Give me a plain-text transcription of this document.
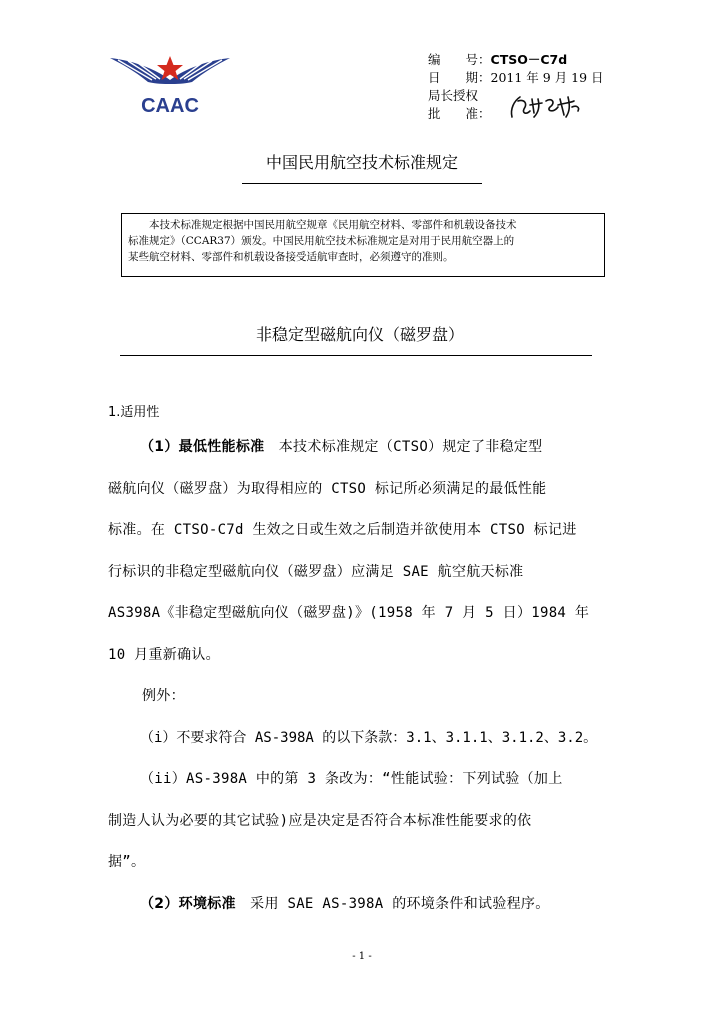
CAAC
编　　号：CTSO－C7d
日　　期：2011 年 9 月 19 日
局长授权
批　　准：
中国民用航空技术标准规定
本技术标准规定根据中国民用航空规章《民用航空材料、零部件和机载设备技术
标准规定》（CCAR37）颁发。中国民用航空技术标准规定是对用于民用航空器上的
某些航空材料、零部件和机载设备接受适航审查时，必须遵守的准则。
非稳定型磁航向仪（磁罗盘）
1.适用性
（1）最低性能标准　本技术标准规定（CTSO）规定了非稳定型
磁航向仪（磁罗盘）为取得相应的 CTSO 标记所必须满足的最低性能
标准。在 CTSO-C7d 生效之日或生效之后制造并欲使用本 CTSO 标记进
行标识的非稳定型磁航向仪（磁罗盘）应满足 SAE 航空航天标准
AS398A《非稳定型磁航向仪（磁罗盘)》(1958 年 7 月 5 日）1984 年
10 月重新确认。
例外：
（i）不要求符合 AS-398A 的以下条款：3.1、3.1.1、3.1.2、3.2。
（ii）AS-398A 中的第 3 条改为：“性能试验：下列试验（加上
制造人认为必要的其它试验)应是决定是否符合本标准性能要求的依
据”。
（2）环境标准　采用 SAE AS-398A 的环境条件和试验程序。
- 1 -
